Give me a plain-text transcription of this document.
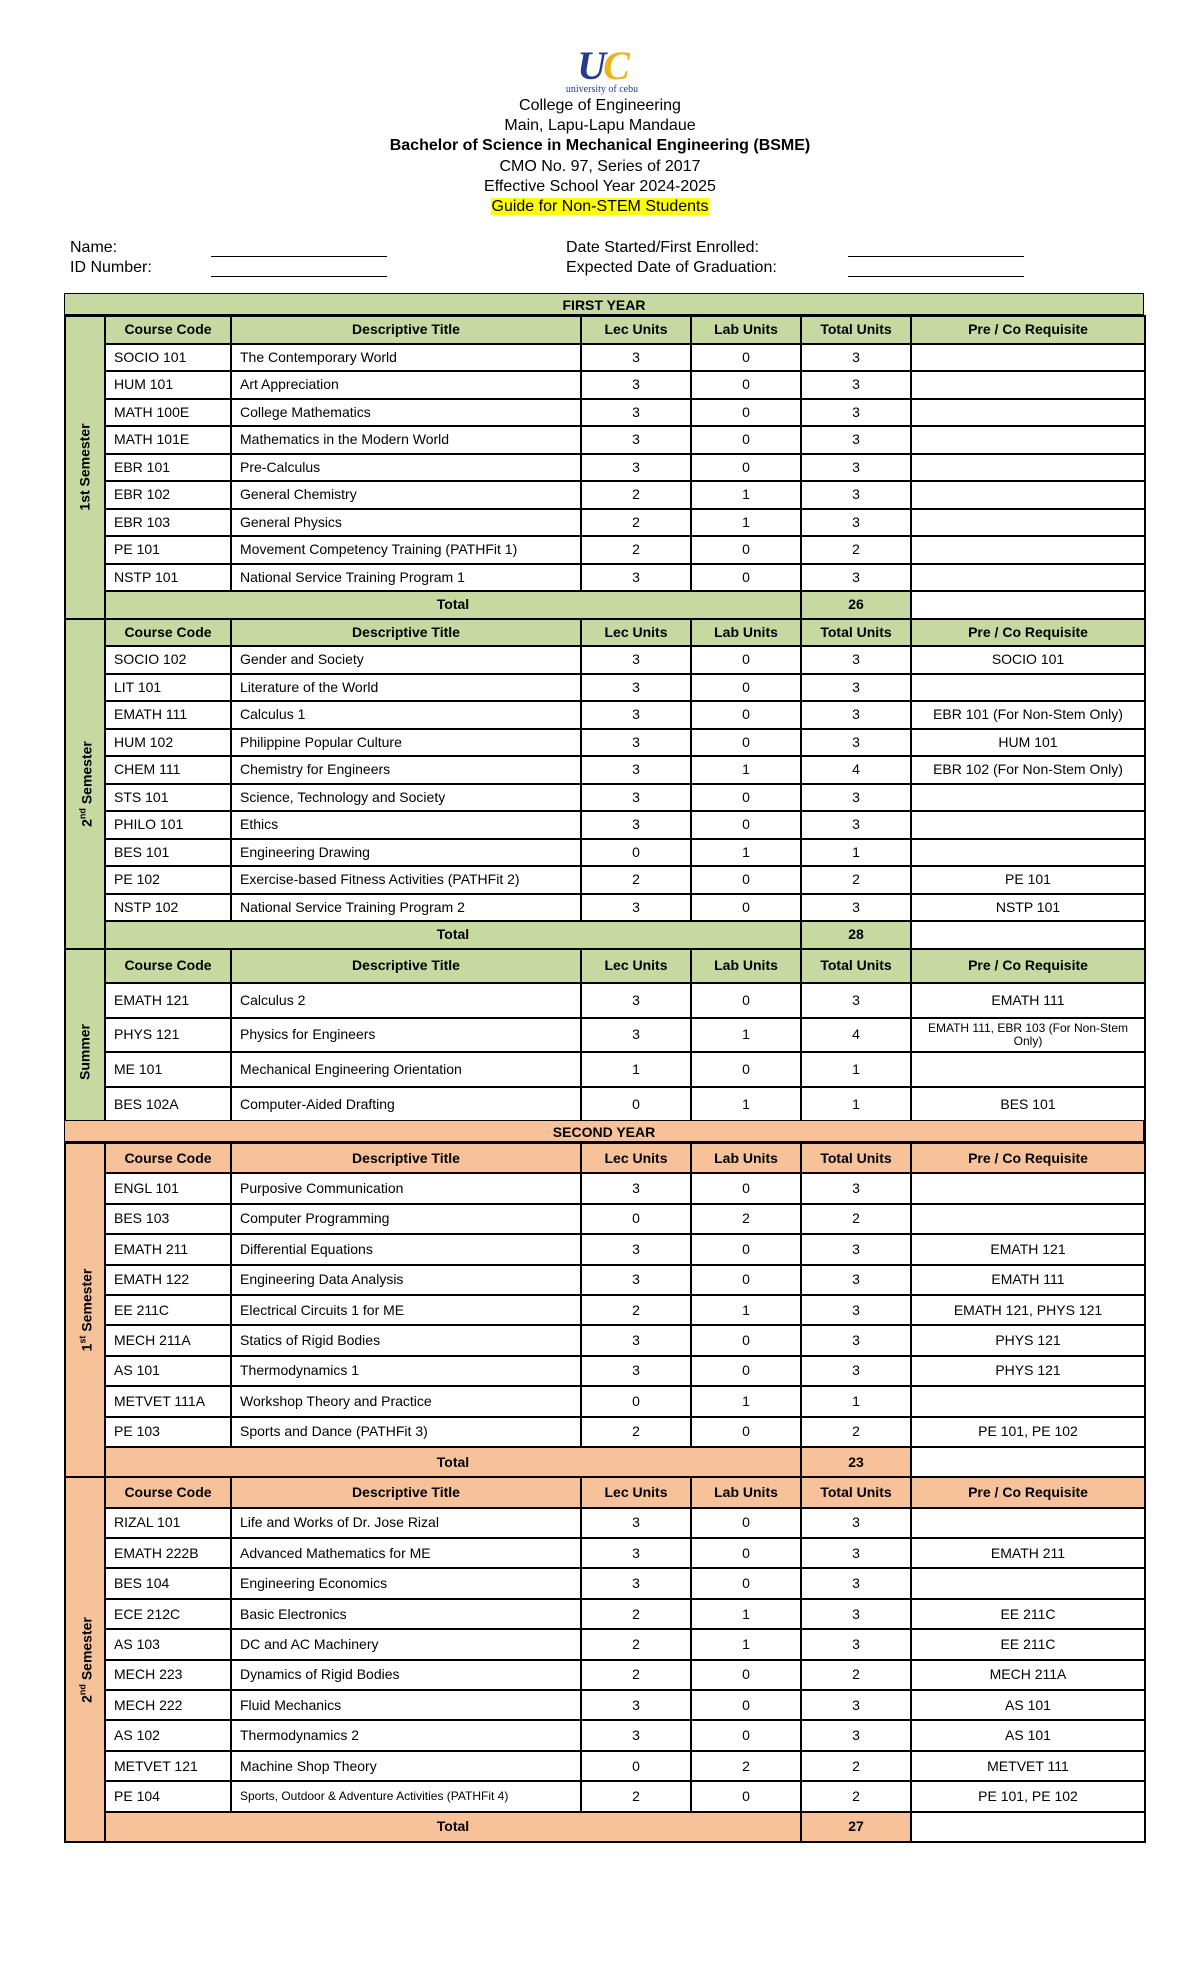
UC
university of cebu
College of Engineering
Main, Lapu-Lapu Mandaue
Bachelor of Science in Mechanical Engineering (BSME)
CMO No. 97, Series of 2017
Effective School Year 2024-2025
Guide for Non-STEM Students
Name:
ID Number:
Date Started/First Enrolled:
Expected Date of Graduation:
FIRST YEAR
1st Semester	Course Code	Descriptive Title	Lec Units	Lab Units	Total Units	Pre / Co Requisite
	SOCIO 101	The Contemporary World	3	0	3	
	HUM 101	Art Appreciation	3	0	3	
	MATH 100E	College Mathematics	3	0	3	
	MATH 101E	Mathematics in the Modern World	3	0	3	
	EBR 101	Pre-Calculus	3	0	3	
	EBR 102	General Chemistry	2	1	3	
	EBR 103	General Physics	2	1	3	
	PE 101	Movement Competency Training (PATHFit 1)	2	0	2	
	NSTP 101	National Service Training Program 1	3	0	3	
	Total				26	

2nd Semester	Course Code	Descriptive Title	Lec Units	Lab Units	Total Units	Pre / Co Requisite
	SOCIO 102	Gender and Society	3	0	3	SOCIO 101
	LIT 101	Literature of the World	3	0	3	
	EMATH 111	Calculus 1	3	0	3	EBR 101 (For Non-Stem Only)
	HUM 102	Philippine Popular Culture	3	0	3	HUM 101
	CHEM 111	Chemistry for Engineers	3	1	4	EBR 102 (For Non-Stem Only)
	STS 101	Science, Technology and Society	3	0	3	
	PHILO 101	Ethics	3	0	3	
	BES 101	Engineering Drawing	0	1	1	
	PE 102	Exercise-based Fitness Activities (PATHFit 2)	2	0	2	PE 101
	NSTP 102	National Service Training Program 2	3	0	3	NSTP 101
	Total				28	

Summer	Course Code	Descriptive Title	Lec Units	Lab Units	Total Units	Pre / Co Requisite
	EMATH 121	Calculus 2	3	0	3	EMATH 111
	PHYS 121	Physics for Engineers	3	1	4	EMATH 111, EBR 103 (For Non-Stem Only)
	ME 101	Mechanical Engineering Orientation	1	0	1	
	BES 102A	Computer-Aided Drafting	0	1	1	BES 101

SECOND YEAR
1st Semester	Course Code	Descriptive Title	Lec Units	Lab Units	Total Units	Pre / Co Requisite
	ENGL 101	Purposive Communication	3	0	3	
	BES 103	Computer Programming	0	2	2	
	EMATH 211	Differential Equations	3	0	3	EMATH 121
	EMATH 122	Engineering Data Analysis	3	0	3	EMATH 111
	EE 211C	Electrical Circuits 1 for ME	2	1	3	EMATH 121, PHYS 121
	MECH 211A	Statics of Rigid Bodies	3	0	3	PHYS 121
	AS 101	Thermodynamics 1	3	0	3	PHYS 121
	METVET 111A	Workshop Theory and Practice	0	1	1	
	PE 103	Sports and Dance (PATHFit 3)	2	0	2	PE 101, PE 102
	Total				23	

2nd Semester	Course Code	Descriptive Title	Lec Units	Lab Units	Total Units	Pre / Co Requisite
	RIZAL 101	Life and Works of Dr. Jose Rizal	3	0	3	
	EMATH 222B	Advanced Mathematics for ME	3	0	3	EMATH 211
	BES 104	Engineering Economics	3	0	3	
	ECE 212C	Basic Electronics	2	1	3	EE 211C
	AS 103	DC and AC Machinery	2	1	3	EE 211C
	MECH 223	Dynamics of Rigid Bodies	2	0	2	MECH 211A
	MECH 222	Fluid Mechanics	3	0	3	AS 101
	AS 102	Thermodynamics 2	3	0	3	AS 101
	METVET 121	Machine Shop Theory	0	2	2	METVET 111
	PE 104	Sports, Outdoor & Adventure Activities (PATHFit 4)	2	0	2	PE 101, PE 102
	Total				27	
